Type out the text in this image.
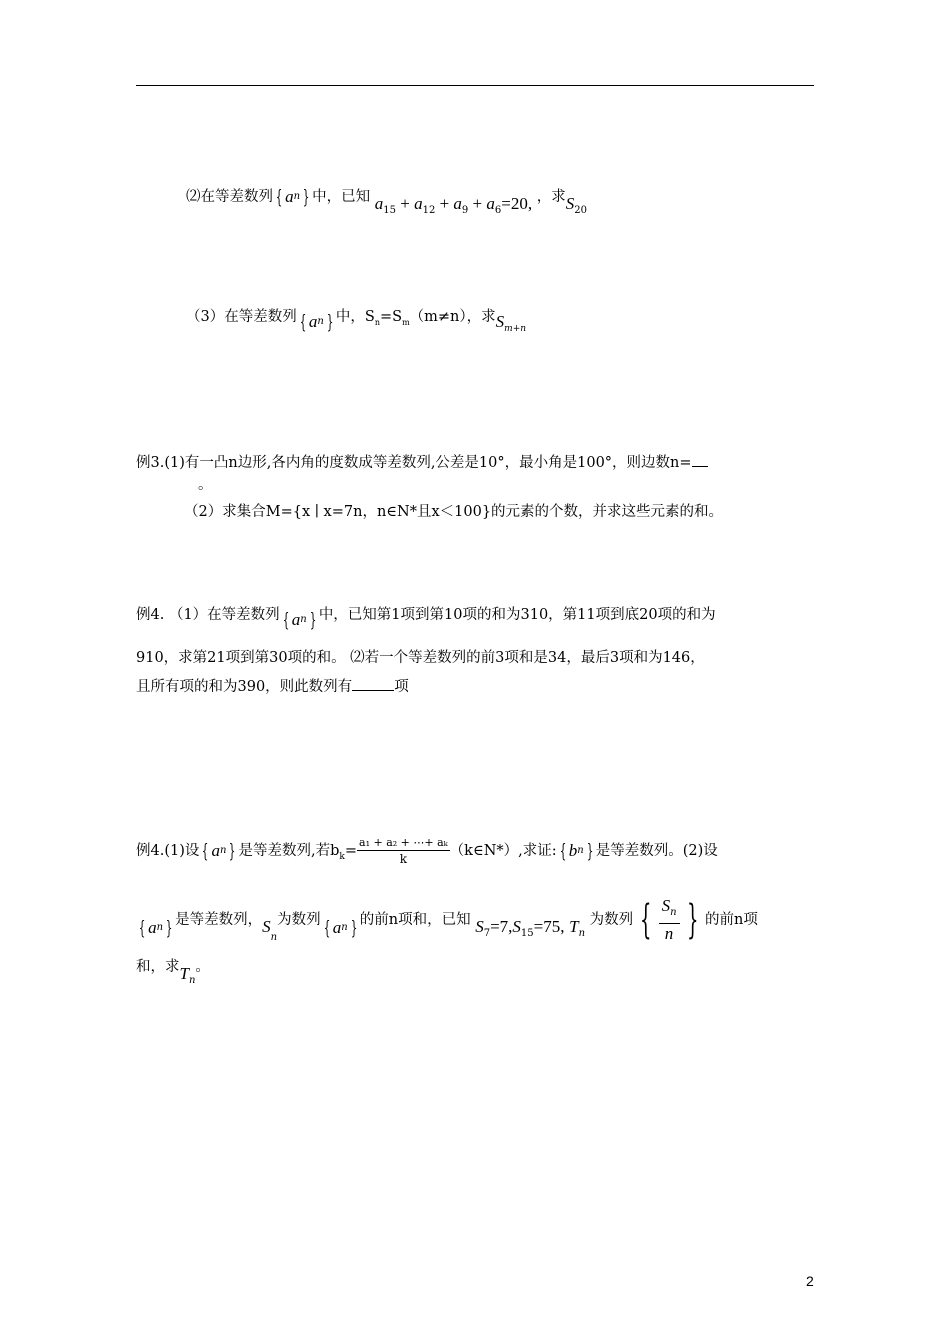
⑵在等差数列 { a n } 中，已知 $a_{15} + a_{12} + a_9 + a_6=20$, ，求$S_{20}$
（3）在等差数列 { a n } 中，$S_n=S_m(m\ne n)$，求$S_{m+n}$
例3.(1)有一凸n边形,各内角的度数成等差数列,公差是10°，最小角是100°，则边数n=
。
（2）求集合M={x ∣ x=7n，n∈N*且x＜100}的元素的个数，并求这些元素的和。
例4. （1）在等差数列 { a n } 中，已知第1项到第10项的和为310，第11项到底20项的和为
910，求第21项到第30项的和。 ⑵若一个等差数列的前3项和是34，最后3项和为146，
且所有项的和为390，则此数列有	项
例4.(1)设 { a n } 是等差数列,若$b_k= \frac{\text{a₁ + a₂ + ⋯+ aₖ}}{k}$ （k∈N*）,求证: { b n } 是等差数列。(2)设
{ a n } 是等差数列，$S_n$为数列 { a n } 的前n项和，已知 $S_7=7,S_{15}=75$, $T_n$ 为数列 { $\frac{S_n}{n}$ } 的前n项
和，求$T_n$。
2
